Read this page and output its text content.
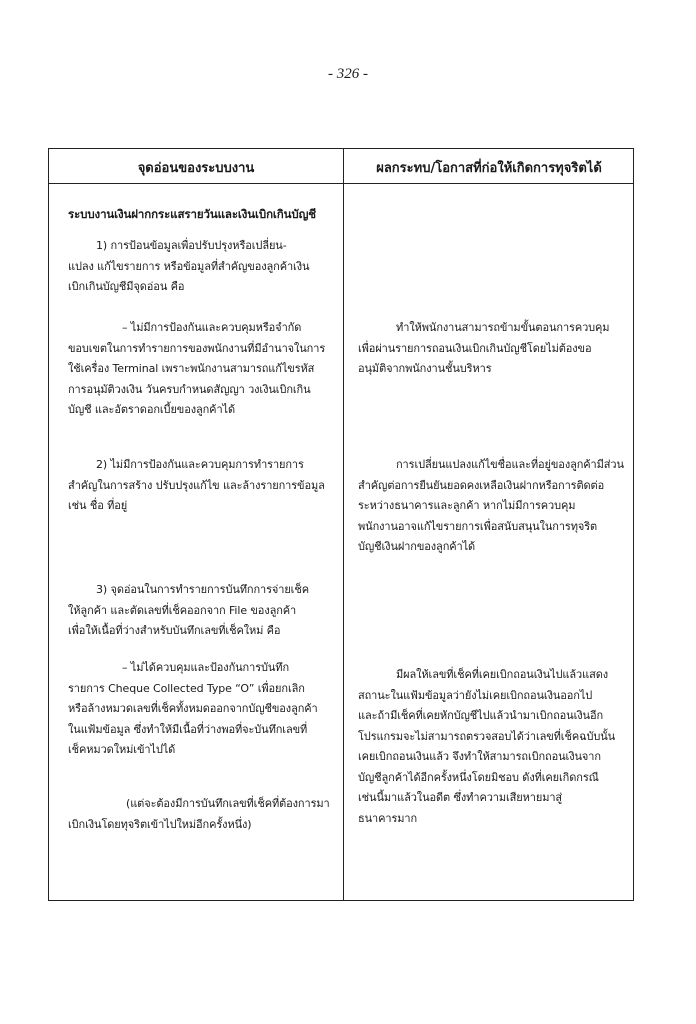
- 326 -
จุดอ่อนของระบบงาน	ผลกระทบ/โอกาสที่ก่อให้เกิดการทุจริตได้
ระบบงานเงินฝากกระแสรายวันและเงินเบิกเกินบัญชี
1) การป้อนข้อมูลเพื่อปรับปรุงหรือเปลี่ยน-
แปลง แก้ไขรายการ หรือข้อมูลที่สำคัญของลูกค้าเงิน
เบิกเกินบัญชีมีจุดอ่อน คือ
– ไม่มีการป้องกันและควบคุมหรือจำกัด
ขอบเขตในการทำรายการของพนักงานที่มีอำนาจในการ
ใช้เครื่อง Terminal เพราะพนักงานสามารถแก้ไขรหัส
การอนุมัติวงเงิน วันครบกำหนดสัญญา วงเงินเบิกเกิน
บัญชี และอัตราดอกเบี้ยของลูกค้าได้
2) ไม่มีการป้องกันและควบคุมการทำรายการ
สำคัญในการสร้าง ปรับปรุงแก้ไข และล้างรายการข้อมูล
เช่น ชื่อ ที่อยู่
3) จุดอ่อนในการทำรายการบันทึกการจ่ายเช็ค
ให้ลูกค้า และตัดเลขที่เช็คออกจาก File ของลูกค้า
เพื่อให้เนื้อที่ว่างสำหรับบันทึกเลขที่เช็คใหม่ คือ
– ไม่ได้ควบคุมและป้องกันการบันทึก
รายการ Cheque Collected Type “O” เพื่อยกเลิก
หรือล้างหมวดเลขที่เช็คทั้งหมดออกจากบัญชีของลูกค้า
ในแฟ้มข้อมูล ซึ่งทำให้มีเนื้อที่ว่างพอที่จะบันทึกเลขที่
เช็คหมวดใหม่เข้าไปได้
(แต่จะต้องมีการบันทึกเลขที่เช็คที่ต้องการมา
เบิกเงินโดยทุจริตเข้าไปใหม่อีกครั้งหนึ่ง)
ทำให้พนักงานสามารถข้ามขั้นตอนการควบคุม
เพื่อผ่านรายการถอนเงินเบิกเกินบัญชีโดยไม่ต้องขอ
อนุมัติจากพนักงานชั้นบริหาร
การเปลี่ยนแปลงแก้ไขชื่อและที่อยู่ของลูกค้ามีส่วน
สำคัญต่อการยืนยันยอดคงเหลือเงินฝากหรือการติดต่อ
ระหว่างธนาคารและลูกค้า หากไม่มีการควบคุม
พนักงานอาจแก้ไขรายการเพื่อสนับสนุนในการทุจริต
บัญชีเงินฝากของลูกค้าได้
มีผลให้เลขที่เช็คที่เคยเบิกถอนเงินไปแล้วแสดง
สถานะในแฟ้มข้อมูลว่ายังไม่เคยเบิกถอนเงินออกไป
และถ้ามีเช็คที่เคยหักบัญชีไปแล้วนำมาเบิกถอนเงินอีก
โปรแกรมจะไม่สามารถตรวจสอบได้ว่าเลขที่เช็คฉบับนั้น
เคยเบิกถอนเงินแล้ว จึงทำให้สามารถเบิกถอนเงินจาก
บัญชีลูกค้าได้อีกครั้งหนึ่งโดยมิชอบ ดังที่เคยเกิดกรณี
เช่นนี้มาแล้วในอดีต ซึ่งทำความเสียหายมาสู่
ธนาคารมาก
